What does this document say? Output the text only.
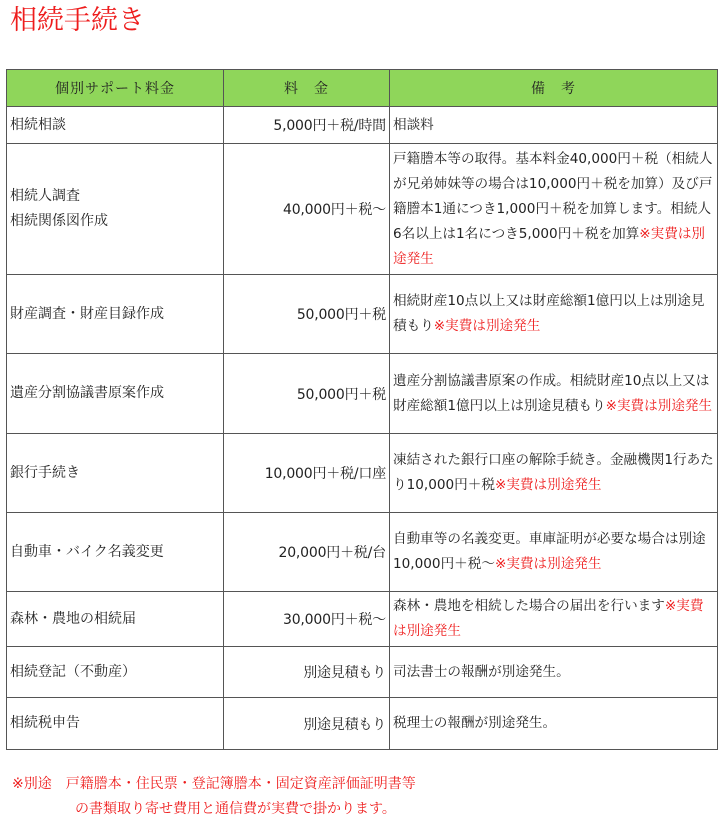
相続手続き
個別サポート料金	料　金	備　考

相続相談	5,000円＋税/時間	相談料

相続人調査
相続関係図作成	40,000円＋税～	戸籍謄本等の取得。基本料金40,000円＋税（相続人が兄弟姉妹等の場合は10,000円＋税を加算）及び戸籍謄本1通につき1,000円＋税を加算します。相続人6名以上は1名につき5,000円＋税を加算※実費は別途発生

財産調査・財産目録作成	50,000円＋税	相続財産10点以上又は財産総額1億円以上は別途見積もり※実費は別途発生

遺産分割協議書原案作成	50,000円＋税	遺産分割協議書原案の作成。相続財産10点以上又は財産総額1億円以上は別途見積もり※実費は別途発生

銀行手続き	10,000円＋税/口座	凍結された銀行口座の解除手続き。金融機関1行あたり10,000円＋税※実費は別途発生

自動車・バイク名義変更	20,000円＋税/台	自動車等の名義変更。車庫証明が必要な場合は別途10,000円＋税～※実費は別途発生

森林・農地の相続届	30,000円＋税～	森林・農地を相続した場合の届出を行います※実費は別途発生

相続登記（不動産）	別途見積もり	司法書士の報酬が別途発生。

相続税申告	別途見積もり	税理士の報酬が別途発生。
※別途　戸籍謄本・住民票・登記簿謄本・固定資産評価証明書等
の書類取り寄せ費用と通信費が実費で掛かります。
